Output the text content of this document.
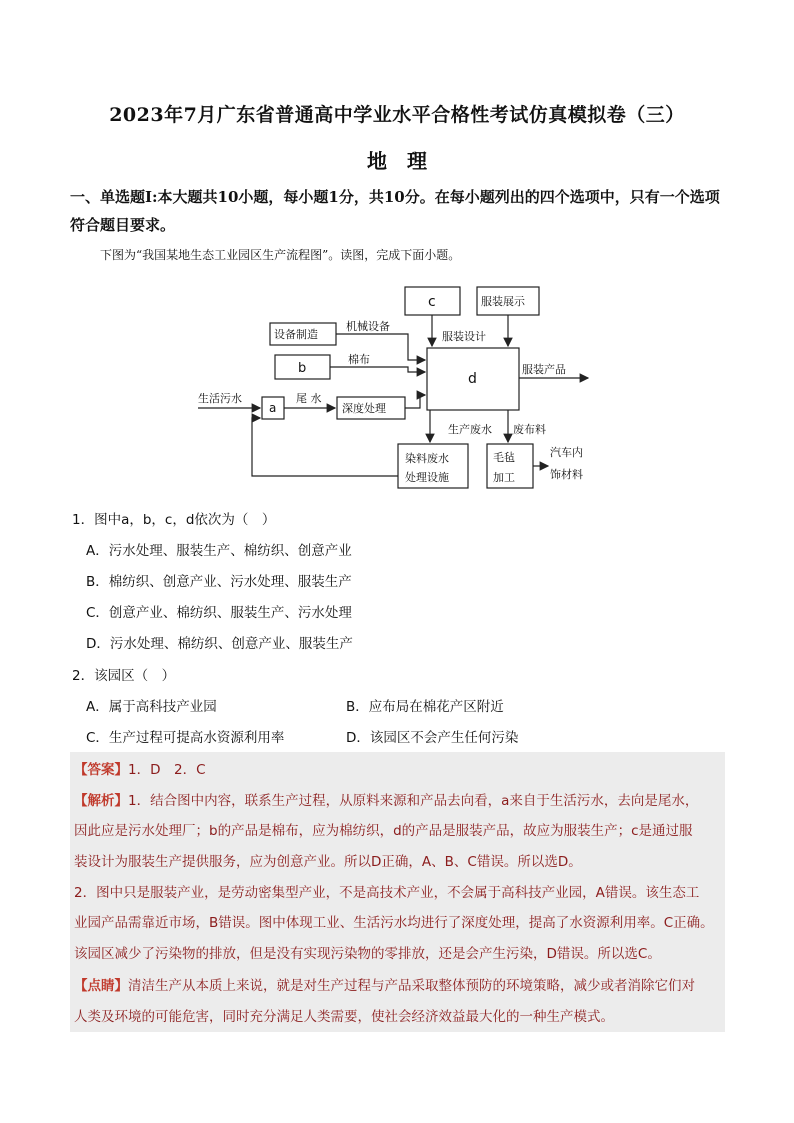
2023年7月广东省普通高中学业水平合格性考试仿真模拟卷（三）
地　理
一、单选题I:本大题共10小题，每小题1分，共10分。在每小题列出的四个选项中，只有一个选项符合题目要求。
下图为“我国某地生态工业园区生产流程图”。读图，完成下面小题。
c	服装展示
设备制造
机械设备
服装设计
b
棉布
d
服装产品
生活污水
a
尾 水
深度处理
生产废水 废布料
染料废水
处理设施
毛毡
加工
汽车内
饰材料
1．图中a，b，c，d依次为（　）
A．污水处理、服装生产、棉纺织、创意产业
B．棉纺织、创意产业、污水处理、服装生产
C．创意产业、棉纺织、服装生产、污水处理
D．污水处理、棉纺织、创意产业、服装生产
2．该园区（　）
A．属于高科技产业园	B．应布局在棉花产区附近
C．生产过程可提高水资源利用率	D．该园区不会产生任何污染
【答案】1．D　2．C
【解析】1．结合图中内容，联系生产过程，从原料来源和产品去向看，a来自于生活污水，去向是尾水，
因此应是污水处理厂；b的产品是棉布，应为棉纺织，d的产品是服装产品，故应为服装生产；c是通过服
装设计为服装生产提供服务，应为创意产业。所以D正确，A、B、C错误。所以选D。
2．图中只是服装产业，是劳动密集型产业，不是高技术产业，不会属于高科技产业园，A错误。该生态工
业园产品需靠近市场，B错误。图中体现工业、生活污水均进行了深度处理，提高了水资源利用率。C正确。
该园区减少了污染物的排放，但是没有实现污染物的零排放，还是会产生污染，D错误。所以选C。
【点睛】清洁生产从本质上来说，就是对生产过程与产品采取整体预防的环境策略，减少或者消除它们对
人类及环境的可能危害，同时充分满足人类需要，使社会经济效益最大化的一种生产模式。
